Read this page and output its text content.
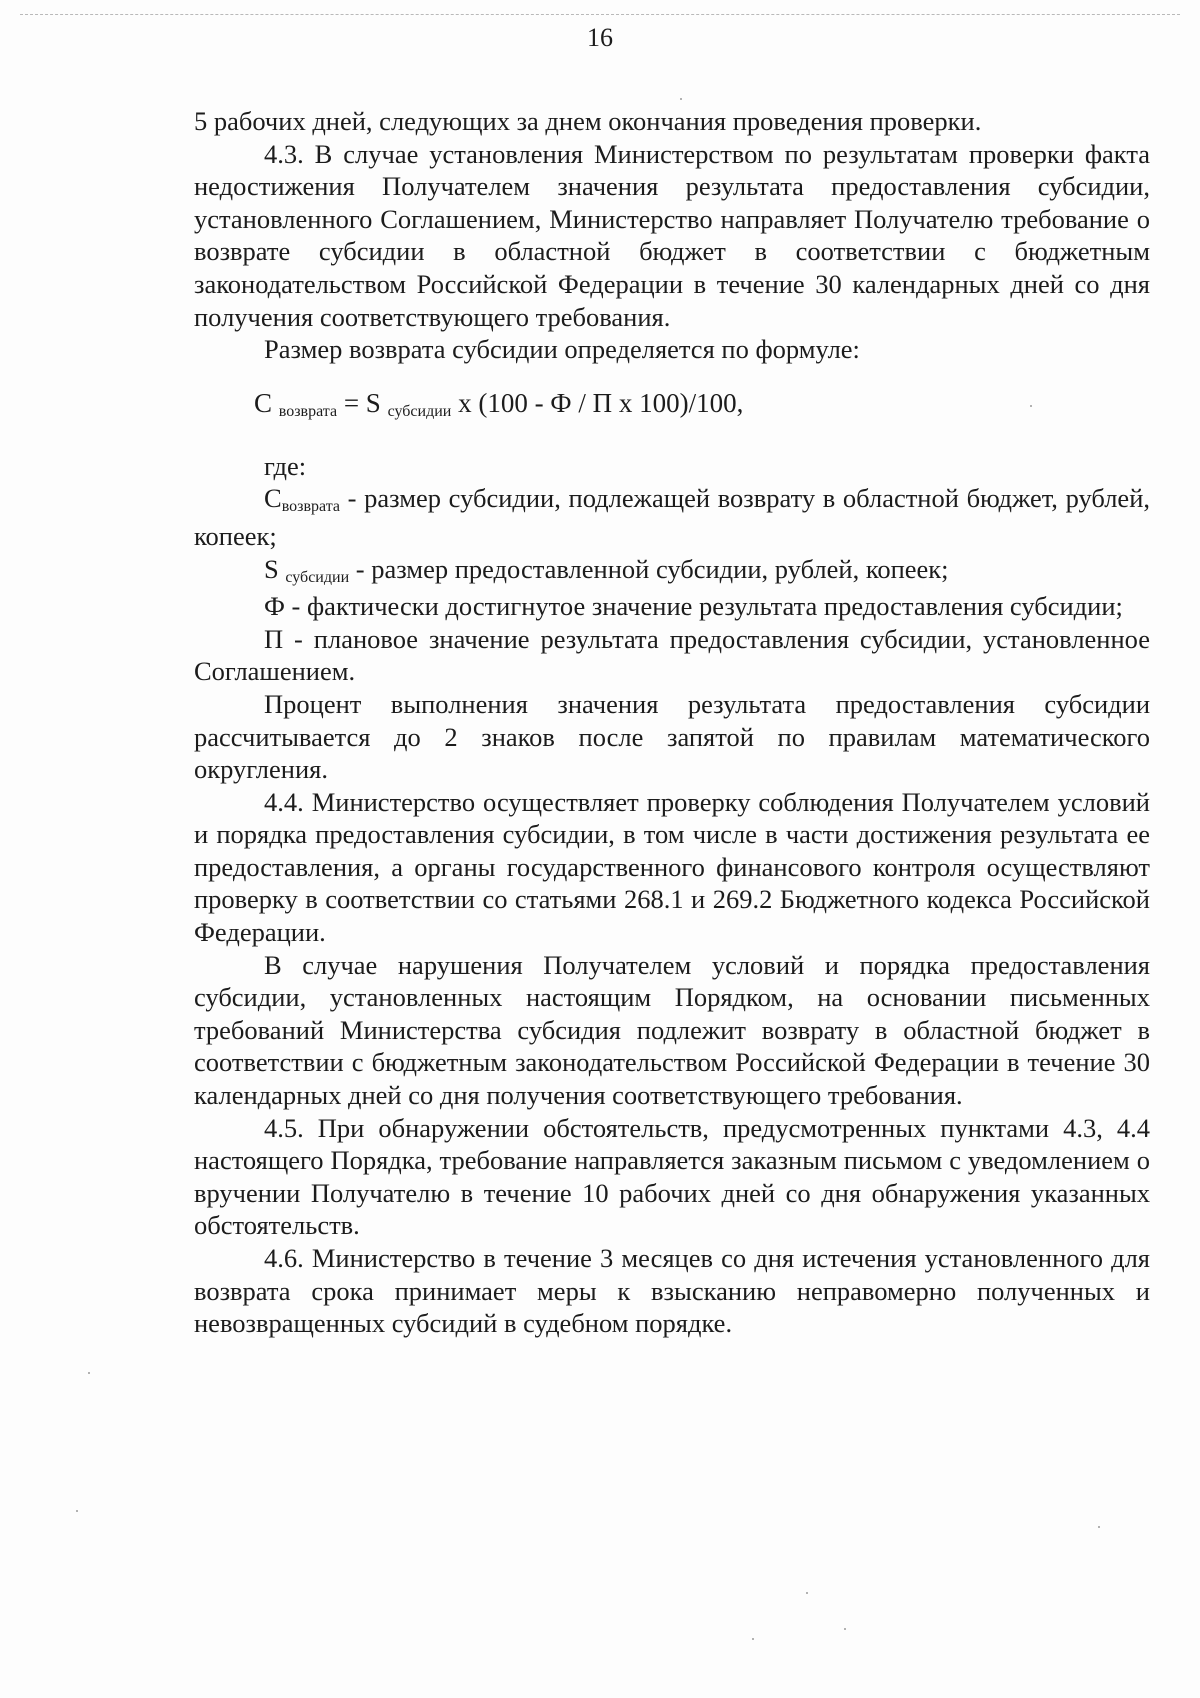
16

5 рабочих дней, следующих за днем окончания проведения проверки.

4.3. В случае установления Министерством по результатам проверки факта недостижения Получателем значения результата предоставления субсидии, установленного Соглашением, Министерство направляет Получателю требование о возврате субсидии в областной бюджет в соответствии с бюджетным законодательством Российской Федерации в течение 30 календарных дней со дня получения соответствующего требования.

Размер возврата субсидии определяется по формуле:

С возврата = S субсидии х (100 - Ф / П х 100)/100,

где:

Свозврата - размер субсидии, подлежащей возврату в областной бюджет, рублей, копеек;

S субсидии - размер предоставленной субсидии, рублей, копеек;

Ф - фактически достигнутое значение результата предоставления субсидии;

П - плановое значение результата предоставления субсидии, установленное Соглашением.

Процент выполнения значения результата предоставления субсидии рассчитывается до 2 знаков после запятой по правилам математического округления.

4.4. Министерство осуществляет проверку соблюдения Получателем условий и порядка предоставления субсидии, в том числе в части достижения результата ее предоставления, а органы государственного финансового контроля осуществляют проверку в соответствии со статьями 268.1 и 269.2 Бюджетного кодекса Российской Федерации.

В случае нарушения Получателем условий и порядка предоставления субсидии, установленных настоящим Порядком, на основании письменных требований Министерства субсидия подлежит возврату в областной бюджет в соответствии с бюджетным законодательством Российской Федерации в течение 30 календарных дней со дня получения соответствующего требования.

4.5. При обнаружении обстоятельств, предусмотренных пунктами 4.3, 4.4 настоящего Порядка, требование направляется заказным письмом с уведомлением о вручении Получателю в течение 10 рабочих дней со дня обнаружения указанных обстоятельств.

4.6. Министерство в течение 3 месяцев со дня истечения установленного для возврата срока принимает меры к взысканию неправомерно полученных и невозвращенных субсидий в судебном порядке.
